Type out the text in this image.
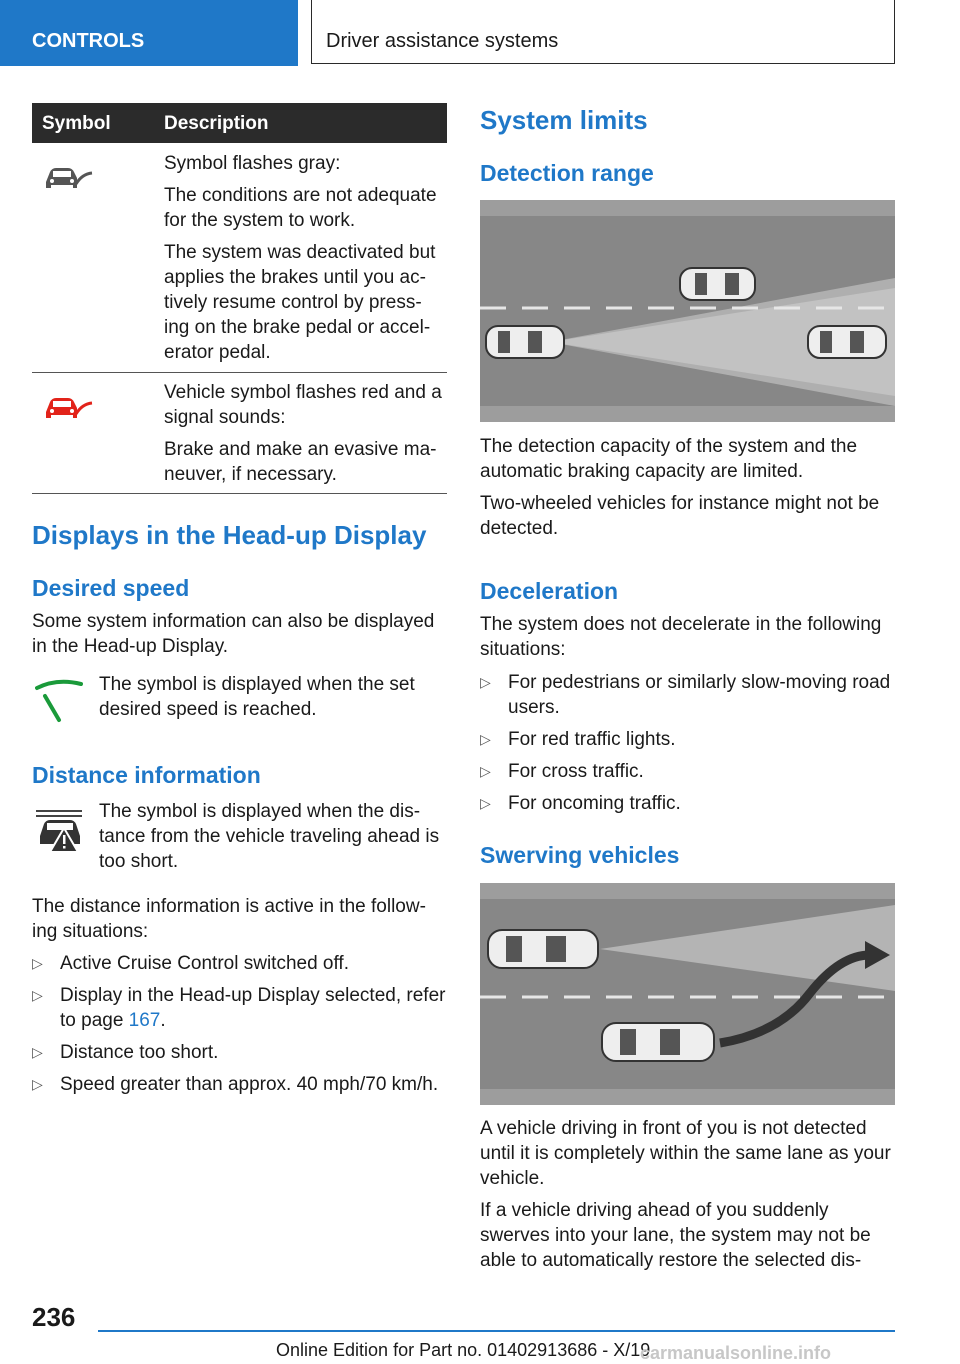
CONTROLS	Driver assistance systems
Symbol	Description

Symbol flashes gray:

The conditions are not adequate for the system to work.

The system was deactivated but applies the brakes until you ac-tively resume control by press-ing on the brake pedal or accel-erator pedal.

Vehicle symbol flashes red and a signal sounds:

Brake and make an evasive ma-neuver, if necessary.

Displays in the Head-up Display
Desired speed
Some system information can also be displayed in the Head-up Display.
The symbol is displayed when the set desired speed is reached.
Distance information
The symbol is displayed when the dis-tance from the vehicle traveling ahead is too short.
The distance information is active in the follow-ing situations:
▷ Active Cruise Control switched off.
▷ Display in the Head-up Display selected, refer to page 167.
▷ Distance too short.
▷ Speed greater than approx. 40 mph/70 km/h.
System limits
Detection range

The detection capacity of the system and the automatic braking capacity are limited.

Two-wheeled vehicles for instance might not be detected.

Deceleration
The system does not decelerate in the following situations:
▷ For pedestrians or similarly slow-moving road users.
▷ For red traffic lights.
▷ For cross traffic.
▷ For oncoming traffic.
Swerving vehicles

A vehicle driving in front of you is not detected until it is completely within the same lane as your vehicle.

If a vehicle driving ahead of you suddenly swerves into your lane, the system may not be able to automatically restore the selected dis-

236
Online Edition for Part no. 01402913686 - X/19
carmanualsonline.info
